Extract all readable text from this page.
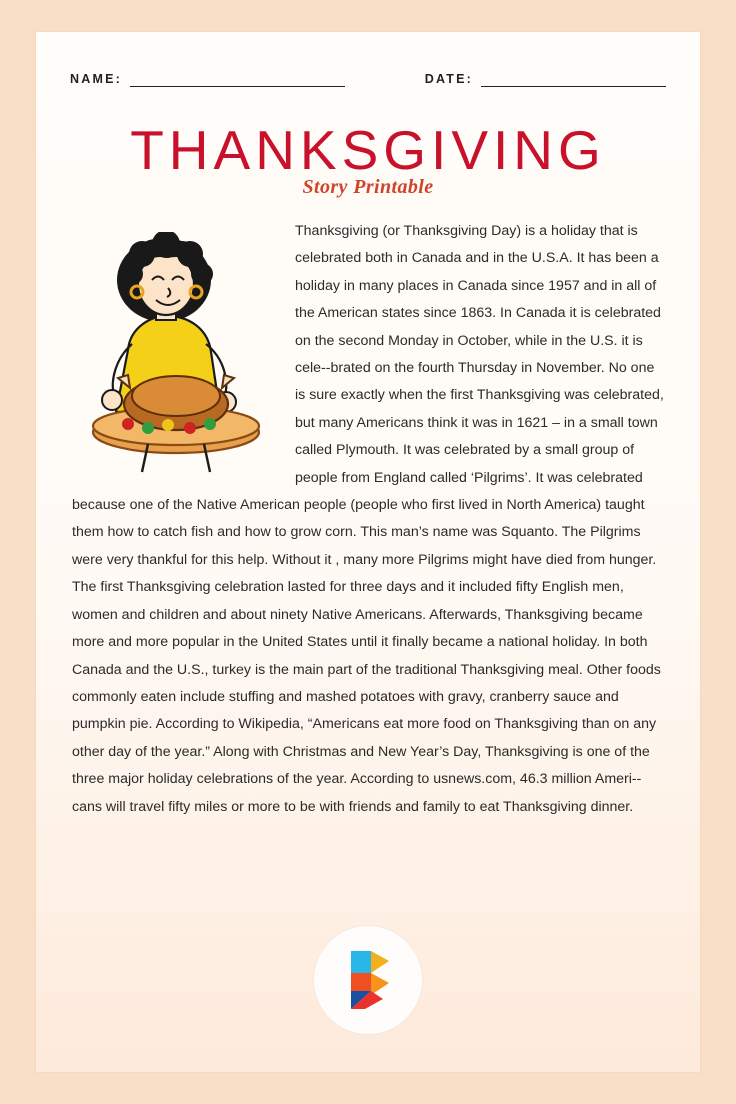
NAME:	DATE:
THANKSGIVING
Story Printable

Thanksgiving (or Thanksgiving Day) is a holiday that is celebrated both in Canada and in the U.S.A. It has been a holiday in many places in Canada since 1957 and in all of the American states since 1863. In Canada it is celebrated on the second Monday in October, while in the U.S. it is cele--brated on the fourth Thursday in November. No one is sure exactly when the first Thanksgiving was celebrated, but many Americans think it was in 1621 – in a small town called Plymouth. It was celebrated by a small group of people from England called ‘Pilgrims’. It was celebrated because one of the Native American people (people who first lived in North America) taught them how to catch fish and how to grow corn. This man’s name was Squanto. The Pilgrims were very thankful for this help. Without it , many more Pilgrims might have died from hunger. The first Thanksgiving celebration lasted for three days and it included fifty English men, women and children and about ninety Native Americans. Afterwards, Thanksgiving became more and more popular in the United States until it finally became a national holiday. In both Canada and the U.S., turkey is the main part of the traditional Thanksgiving meal. Other foods commonly eaten include stuffing and mashed potatoes with gravy, cranberry sauce and pumpkin pie. According to Wikipedia, “Americans eat more food on Thanksgiving than on any other day of the year.” Along with Christmas and New Year’s Day, Thanksgiving is one of the three major holiday celebrations of the year. According to usnews.com, 46.3 million Ameri--cans will travel fifty miles or more to be with friends and family to eat Thanksgiving dinner.
